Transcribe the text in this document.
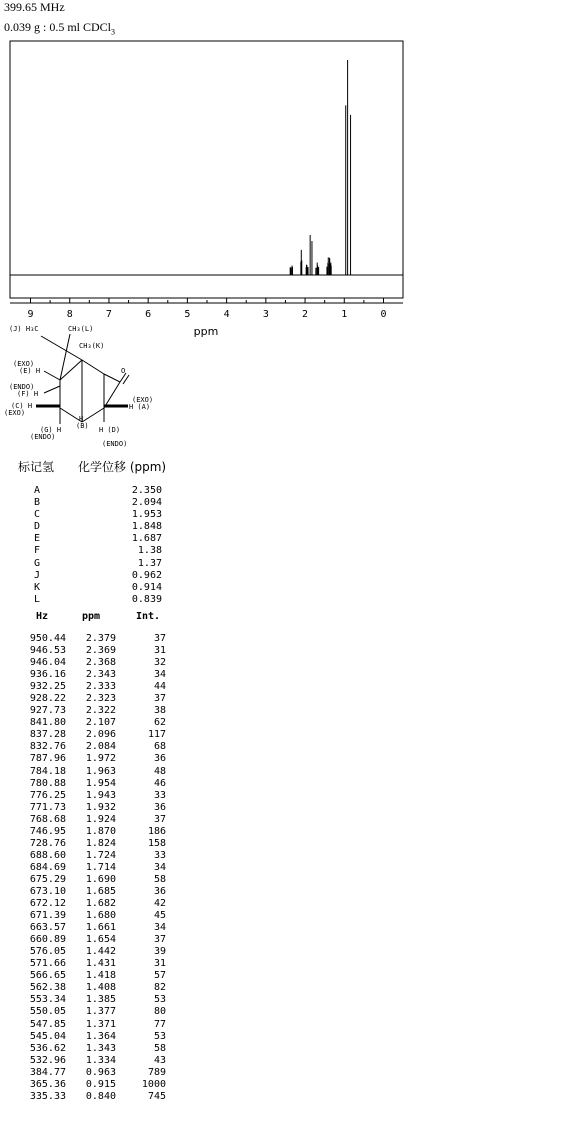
399.65 MHz
0.039 g : 0.5 ml CDCl$_3$
9	8	7	6	5	4	3	2	1	0
ppm
(J) H₃C	CH₃(L)
CH₃(K)
O
(EXO)
(E) H
(ENDO)
(F) H
(C) H
(EXO)
(EXO)
H (A)
(G) H
(ENDO)
H
(B) H (D)
(ENDO)
标记氢 化学位移 (ppm)
A	2.350
B	2.094
C	1.953
D	1.848
E	1.687
F	1.38
G	1.37
J	0.962
K	0.914
L	0.839
Hz	ppm	Int.
950.44	2.379	37
946.53	2.369	31
946.04	2.368	32
936.16	2.343	34
932.25	2.333	44
928.22	2.323	37
927.73	2.322	38
841.80	2.107	62
837.28	2.096	117
832.76	2.084	68
787.96	1.972	36
784.18	1.963	48
780.88	1.954	46
776.25	1.943	33
771.73	1.932	36
768.68	1.924	37
746.95	1.870	186
728.76	1.824	158
688.60	1.724	33
684.69	1.714	34
675.29	1.690	58
673.10	1.685	36
672.12	1.682	42
671.39	1.680	45
663.57	1.661	34
660.89	1.654	37
576.05	1.442	39
571.66	1.431	31
566.65	1.418	57
562.38	1.408	82
553.34	1.385	53
550.05	1.377	80
547.85	1.371	77
545.04	1.364	53
536.62	1.343	58
532.96	1.334	43
384.77	0.963	789
365.36	0.915	1000
335.33	0.840	745
